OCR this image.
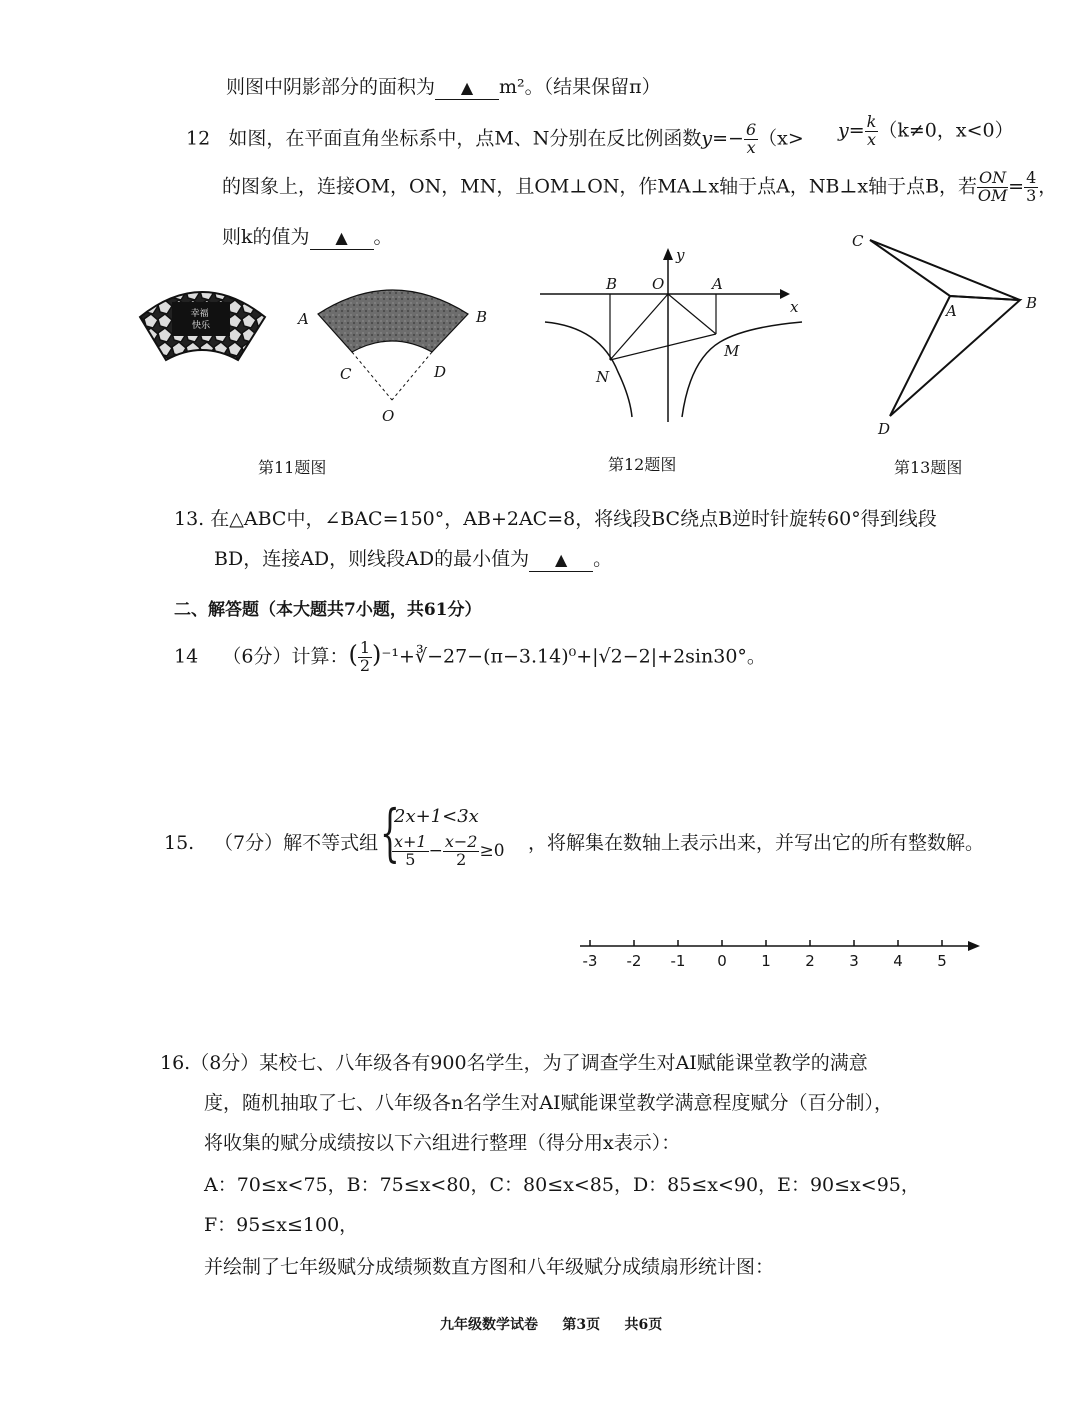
则图中阴影部分的面积为 ▲ m²。（结果保留π）
12 如图，在平面直角坐标系中，点M、N分别在反比例函数$y=- \frac{6}{x} (x> y= \frac{k}{x} (k\ne 0$，x<0）
的图象上，连接OM，ON，MN，且OM⊥ON，作MA⊥x轴于点A，NB⊥x轴于点B，若 $\frac{ON}{OM} = \frac{4}{3}$ ，
则k的值为 ▲ 。
幸福 快乐	A	B
C	D
O
第11题图
B O	A
x
y
M
N
第12题图
C
A	B
D
第13题图
13. 在△ABC中，∠BAC=150°，AB+2AC=8，将线段BC绕点B逆时针旋转60°得到线段
BD，连接AD，则线段AD的最小值为 ▲ 。
二、解答题（本大题共7小题，共61分）
14 （6分）计算：( $\frac{1}{2}$ )⁻¹+∛−27−(π−3.14)⁰+|√2−2|+2sin30°。
15. （7分）解不等式组 {
2x+1<3x
$\frac{x+1}{5} - \frac{x-2}{2} \ge 0$ ，将解集在数轴上表示出来，并写出它的所有整数解。
-3 -2 -1 0 1 2 3 4 5
16.（8分）某校七、八年级各有900名学生，为了调查学生对AI赋能课堂教学的满意
度，随机抽取了七、八年级各n名学生对AI赋能课堂教学满意程度赋分（百分制），
将收集的赋分成绩按以下六组进行整理（得分用x表示）：
A：70≤x<75，B：75≤x<80，C：80≤x<85，D：85≤x<90，E：90≤x<95，
F：95≤x≤100，
并绘制了七年级赋分成绩频数直方图和八年级赋分成绩扇形统计图：
九年级数学试卷 第3页 共6页
